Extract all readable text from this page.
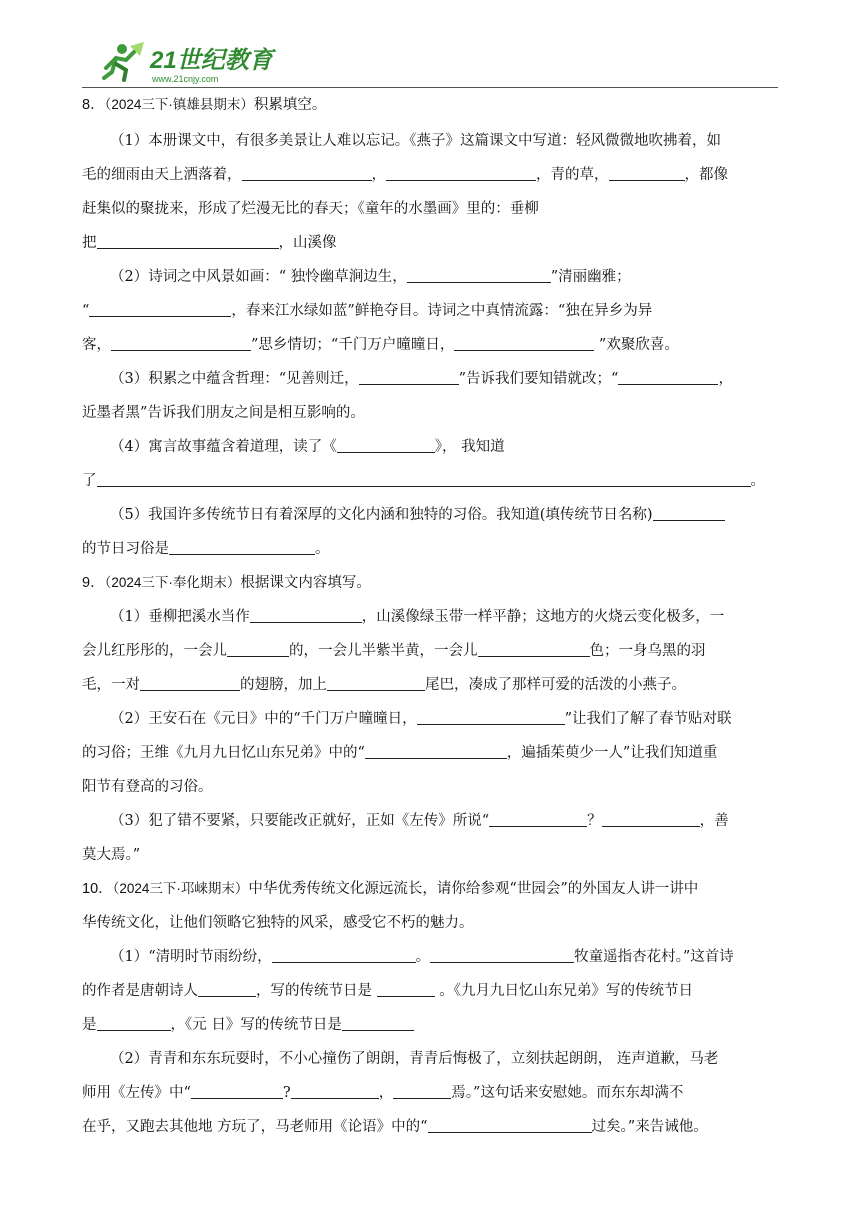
21世纪教育
www.21cnjy.com
8．（2024三下·镇雄县期末）积累填空。
（1）本册课文中，有很多美景让人难以忘记。《燕子》这篇课文中写道：轻风微微地吹拂着，如
毛的细雨由天上洒落着，	，	，青的草，	，都像
赶集似的聚拢来，形成了烂漫无比的春天；《童年的水墨画》里的：垂柳
把	，山溪像
（2）诗词之中风景如画：“ 独怜幽草涧边生，	”清丽幽雅；
“	，春来江水绿如蓝”鲜艳夺目。诗词之中真情流露：“独在异乡为异
客，	”思乡情切；“千门万户曈曈日，	”欢聚欣喜。
（3）积累之中蕴含哲理：“见善则迁，	”告诉我们要知错就改；“	，
近墨者黑”告诉我们朋友之间是相互影响的。
（4）寓言故事蕴含着道理，读了《	》， 我知道
了	。
（5）我国许多传统节日有着深厚的文化内涵和独特的习俗。我知道(填传统节日名称)
的节日习俗是	。
9．（2024三下·奉化期末）根据课文内容填写。
（1）垂柳把溪水当作	，山溪像绿玉带一样平静；这地方的火烧云变化极多，一
会儿红彤彤的，一会儿	的，一会儿半紫半黄，一会儿	色；一身乌黑的羽
毛，一对	的翅膀，加上	尾巴，凑成了那样可爱的活泼的小燕子。
（2）王安石在《元日》中的“千门万户曈曈日，	”让我们了解了春节贴对联
的习俗；王维《九月九日忆山东兄弟》中的“	，遍插茱萸少一人”让我们知道重
阳节有登高的习俗。
（3）犯了错不要紧，只要能改正就好，正如《左传》所说“	？	，善
莫大焉。”
10．（2024三下·邛崃期末）中华优秀传统文化源远流长，请你给参观“世园会”的外国友人讲一讲中
华传统文化，让他们领略它独特的风采，感受它不朽的魅力。
（1）“清明时节雨纷纷，	。	牧童遥指杏花村。”这首诗
的作者是唐朝诗人	，写的传统节日是	。《九月九日忆山东兄弟》写的传统节日
是	，《元 日》写的传统节日是
（2）青青和东东玩耍时，不小心撞伤了朗朗，青青后悔极了，立刻扶起朗朗， 连声道歉，马老
师用《左传》中“	?	，	焉。”这句话来安慰她。而东东却满不
在乎，又跑去其他地 方玩了，马老师用《论语》中的“	过矣。”来告诫他。
